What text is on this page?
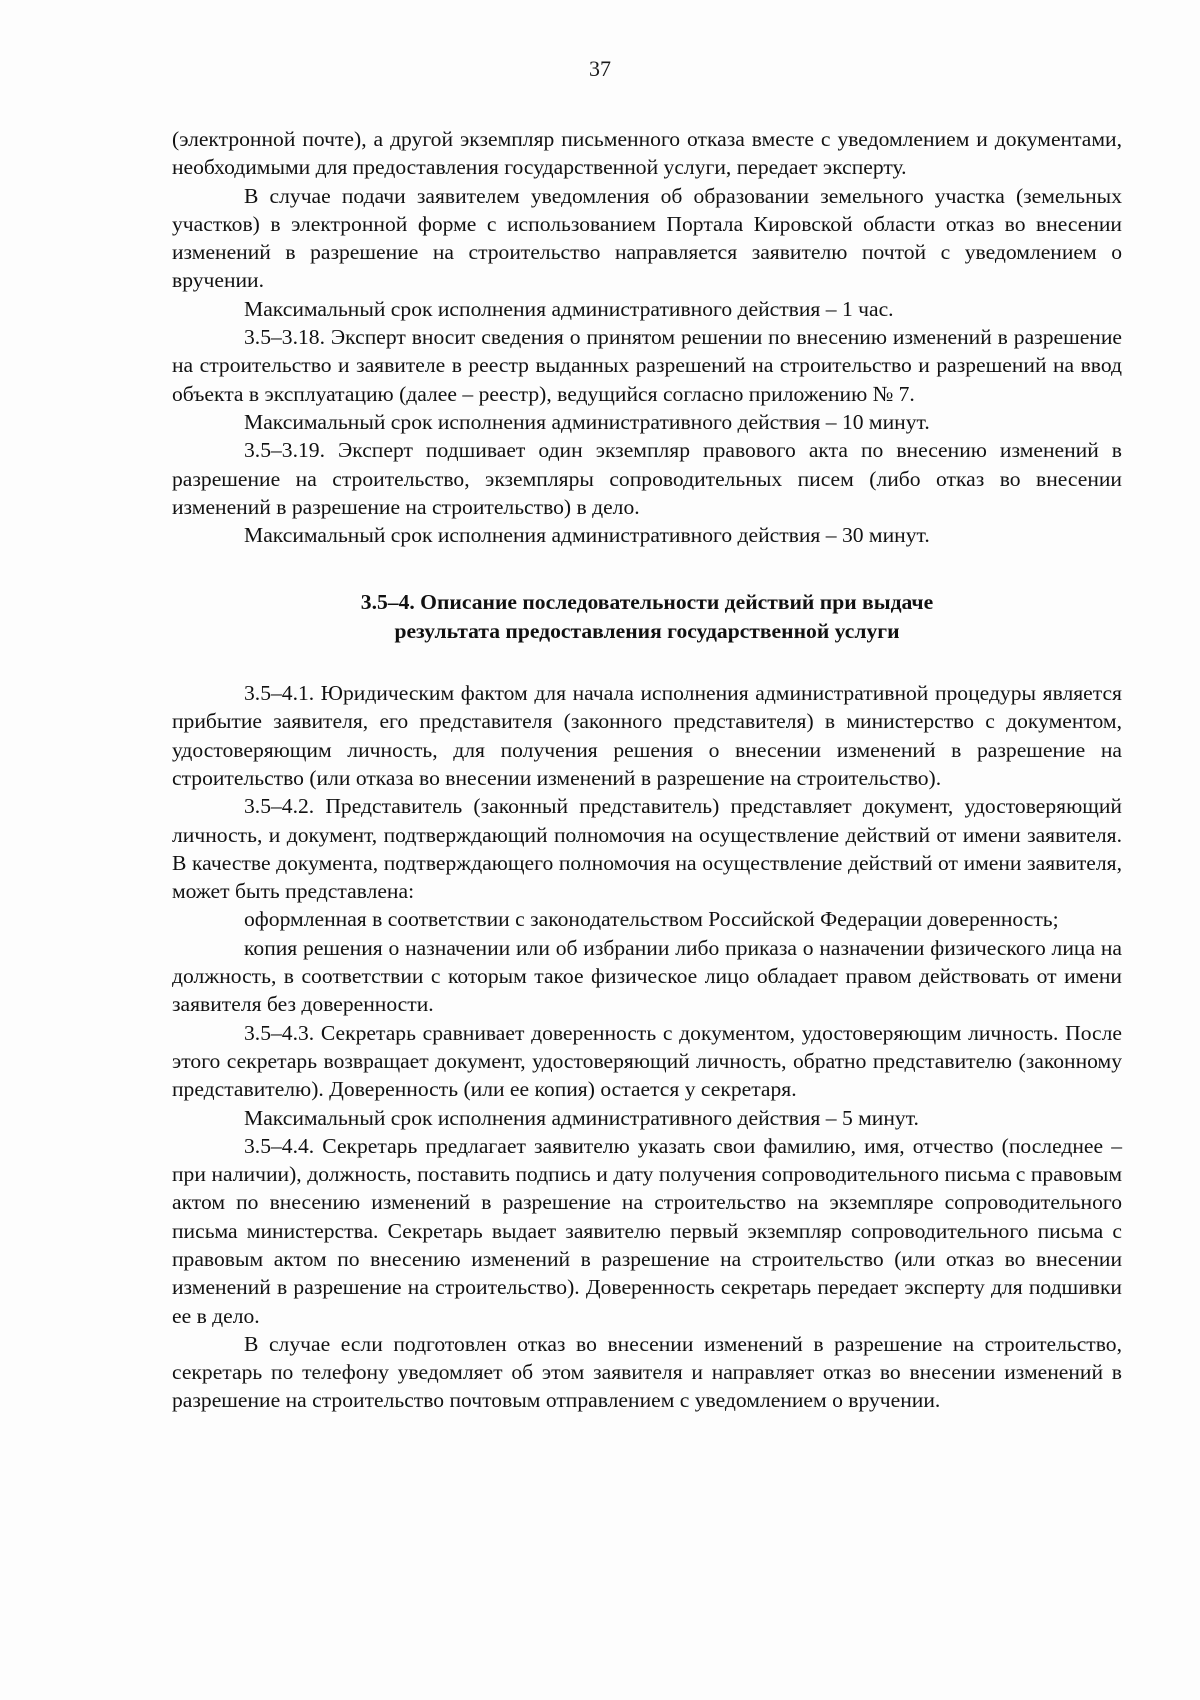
37

(электронной почте), а другой экземпляр письменного отказа вместе с уведомлением и документами, необходимыми для предоставления государственной услуги, передает эксперту.

В случае подачи заявителем уведомления об образовании земельного участка (земельных участков) в электронной форме с использованием Портала Кировской области отказ во внесении изменений в разрешение на строительство направляется заявителю почтой с уведомлением о вручении.

Максимальный срок исполнения административного действия – 1 час.

3.5–3.18. Эксперт вносит сведения о принятом решении по внесению изменений в разрешение на строительство и заявителе в реестр выданных разрешений на строительство и разрешений на ввод объекта в эксплуатацию (далее – реестр), ведущийся согласно приложению № 7.

Максимальный срок исполнения административного действия – 10 минут.

3.5–3.19. Эксперт подшивает один экземпляр правового акта по внесению изменений в разрешение на строительство, экземпляры сопроводительных писем (либо отказ во внесении изменений в разрешение на строительство) в дело.

Максимальный срок исполнения административного действия – 30 минут.

3.5–4. Описание последовательности действий при выдаче
результата предоставления государственной услуги

3.5–4.1. Юридическим фактом для начала исполнения административной процедуры является прибытие заявителя, его представителя (законного представителя) в министерство с документом, удостоверяющим личность, для получения решения о внесении изменений в разрешение на строительство (или отказа во внесении изменений в разрешение на строительство).

3.5–4.2. Представитель (законный представитель) представляет документ, удостоверяющий личность, и документ, подтверждающий полномочия на осуществление действий от имени заявителя. В качестве документа, подтверждающего полномочия на осуществление действий от имени заявителя, может быть представлена:

оформленная в соответствии с законодательством Российской Федерации доверенность;

копия решения о назначении или об избрании либо приказа о назначении физического лица на должность, в соответствии с которым такое физическое лицо обладает правом действовать от имени заявителя без доверенности.

3.5–4.3. Секретарь сравнивает доверенность с документом, удостоверяющим личность. После этого секретарь возвращает документ, удостоверяющий личность, обратно представителю (законному представителю). Доверенность (или ее копия) остается у секретаря.

Максимальный срок исполнения административного действия – 5 минут.

3.5–4.4. Секретарь предлагает заявителю указать свои фамилию, имя, отчество (последнее – при наличии), должность, поставить подпись и дату получения сопроводительного письма с правовым актом по внесению изменений в разрешение на строительство на экземпляре сопроводительного письма министерства. Секретарь выдает заявителю первый экземпляр сопроводительного письма с правовым актом по внесению изменений в разрешение на строительство (или отказ во внесении изменений в разрешение на строительство). Доверенность секретарь передает эксперту для подшивки ее в дело.

В случае если подготовлен отказ во внесении изменений в разрешение на строительство, секретарь по телефону уведомляет об этом заявителя и направляет отказ во внесении изменений в разрешение на строительство почтовым отправлением с уведомлением о вручении.
